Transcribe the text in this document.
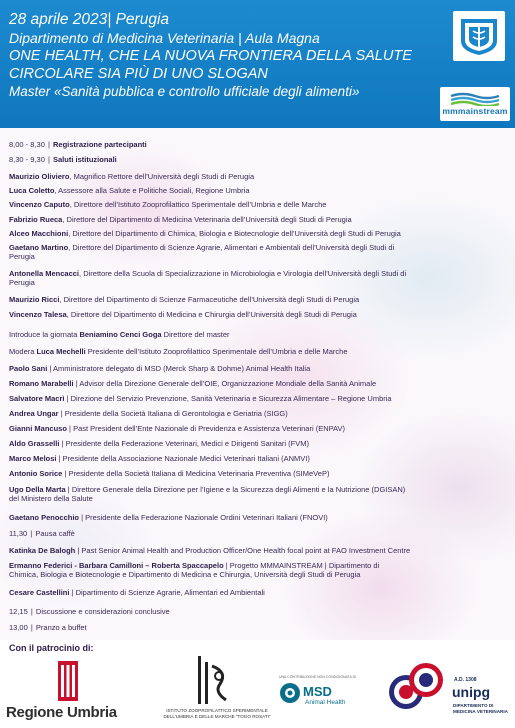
28 aprile 2023| Perugia
Dipartimento di Medicina Veterinaria | Aula Magna
ONE HEALTH, CHE LA NUOVA FRONTIERA DELLA SALUTE
CIRCOLARE SIA PIÙ DI UNO SLOGAN
Master «Sanità pubblica e controllo ufficiale degli alimenti»
mmmainstream
8,00 - 8,30 | Registrazione partecipanti
8,30 - 9,30 | Saluti istituzionali
Maurizio Oliviero, Magnifico Rettore dell’Università degli Studi di Perugia
Luca Coletto, Assessore alla Salute e Politiche Sociali, Regione Umbria
Vincenzo Caputo, Direttore dell’Istituto Zooprofilattico Sperimentale dell’Umbria e delle Marche
Fabrizio Rueca, Direttore del Dipartimento di Medicina Veterinaria dell’Università degli Studi di Perugia
Alceo Macchioni, Direttore del Dipartimento di Chimica, Biologia e Biotecnologie dell’Università degli Studi di Perugia
Gaetano Martino, Direttore del Dipartimento di Scienze Agrarie, Alimentari e Ambientali dell’Università degli Studi di
Perugia
Antonella Mencacci, Direttore della Scuola di Specializzazione in Microbiologia e Virologia dell’Università degli Studi di
Perugia
Maurizio Ricci, Direttore del Dipartimento di Scienze Farmaceutiche dell’Università degli Studi di Perugia
Vincenzo Talesa, Direttore del Dipartimento di Medicina e Chirurgia dell’Università degli Studi di Perugia
Introduce la giornata Beniamino Cenci Goga Direttore del master
Modera Luca Mechelli Presidente dell’Istituto Zooprofilattico Sperimentale dell’Umbria e delle Marche
Paolo Sani | Amministratore delegato di MSD (Merck Sharp & Dohme) Animal Health Italia
Romano Marabelli | Advisor della Direzione Generale dell’OIE, Organizzazione Mondiale della Sanità Animale
Salvatore Macrì | Direzione del Servizio Prevenzione, Sanità Veterinaria e Sicurezza Alimentare – Regione Umbria
Andrea Ungar | Presidente della Società Italiana di Gerontologia e Geriatria (SIGG)
Gianni Mancuso | Past President dell’Ente Nazionale di Previdenza e Assistenza Veterinari (ENPAV)
Aldo Grasselli | Presidente della Federazione Veterinari, Medici e Dirigenti Sanitari (FVM)
Marco Melosi | Presidente della Associazione Nazionale Medici Veterinari Italiani (ANMVI)
Antonio Sorice | Presidente della Società Italiana di Medicina Veterinaria Preventiva (SIMeVeP)
Ugo Della Marta | Direttore Generale della Direzione per l’Igiene e la Sicurezza degli Alimenti e la Nutrizione (DGISAN)
del Ministero della Salute
Gaetano Penocchio | Presidente della Federazione Nazionale Ordini Veterinari Italiani (FNOVI)
11,30 | Pausa caffè
Katinka De Balogh | Past Senior Animal Health and Production Officer/One Health focal point at FAO Investment Centre
Ermanno Federici - Barbara Camilloni – Roberta Spaccapelo | Progetto MMMAINSTREAM | Dipartimento di
Chimica, Biologia e Biotecnologie e Dipartimento di Medicina e Chirurgia, Università degli Studi di Perugia
Cesare Castellini | Dipartimento di Scienze Agrarie, Alimentari ed Ambientali
12,15 | Discussione e considerazioni conclusive
13,00 | Pranzo a buffet
Con il patrocinio di:
Regione Umbria	ISTITUTO ZOOPROFILATTICO SPERIMENTALE DELL’UMBRIA E DELLE MARCHE “TOGO ROSATI”
UNA CONTRIBUZIONE NON CONDIZIONATA DI
MSD
Animal Health
A.D. 1308
unipg
DIPARTIMENTO DI MEDICINA VETERINARIA
